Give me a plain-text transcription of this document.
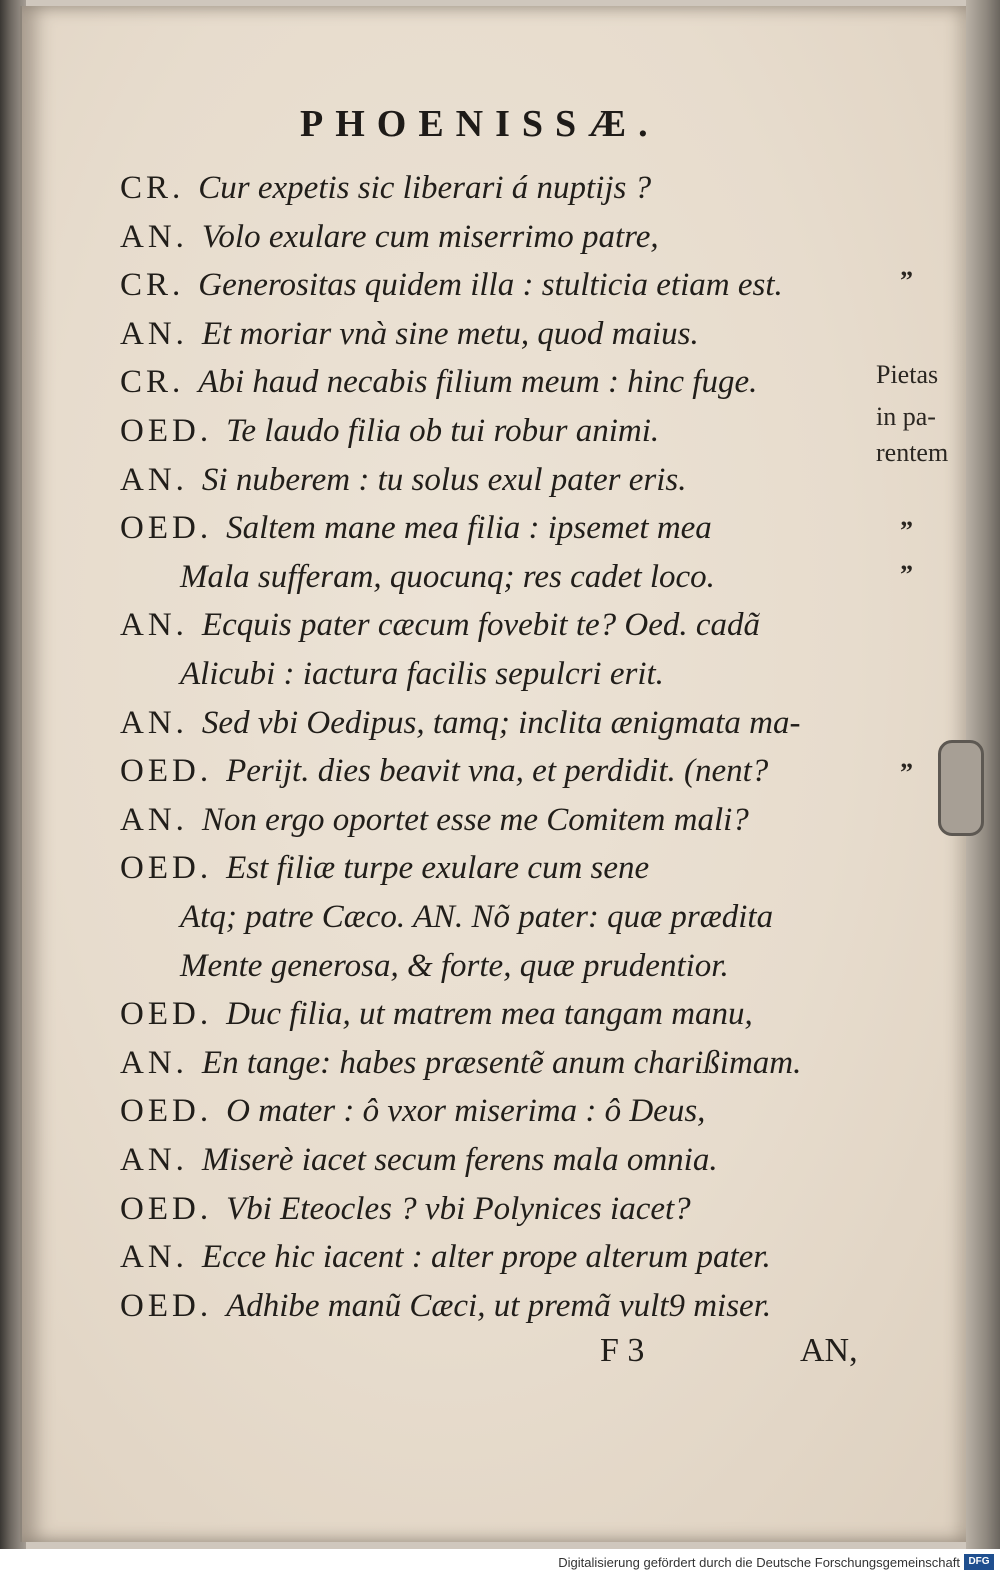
PHOENISSÆ.
CR. Cur expetis sic liberari á nuptijs ?
AN. Volo exulare cum miserrimo patre,
CR. Generositas quidem illa : stulticia etiam est.
AN. Et moriar vnà sine metu, quod maius.
CR. Abi haud necabis filium meum : hinc fuge.
OED. Te laudo filia ob tui robur animi.
AN. Si nuberem : tu solus exul pater eris.
OED. Saltem mane mea filia : ipsemet mea
Mala sufferam, quocunq; res cadet loco.
AN. Ecquis pater cæcum fovebit te? Oed. cadã
Alicubi : iactura facilis sepulcri erit.
AN. Sed vbi Oedipus, tamq; inclita ænigmata ma-
OED. Perijt. dies beavit vna, et perdidit. (nent?
AN. Non ergo oportet esse me Comitem mali?
OED. Est filiæ turpe exulare cum sene
Atq; patre Cæco. AN. Nõ pater: quæ prædita
Mente generosa, & forte, quæ prudentior.
OED. Duc filia, ut matrem mea tangam manu,
AN. En tange: habes præsentẽ anum charißimam.
OED. O mater : ô vxor miserima : ô Deus,
AN. Miserè iacet secum ferens mala omnia.
OED. Vbi Eteocles ? vbi Polynices iacet?
AN. Ecce hic iacent : alter prope alterum pater.
OED. Adhibe manũ Cæci, ut premã vult9 miser.
Pietas
in pa-
rentem
”
”
”
”
F 3	AN,
Digitalisierung gefördert durch die Deutsche Forschungsgemeinschaft DFG
